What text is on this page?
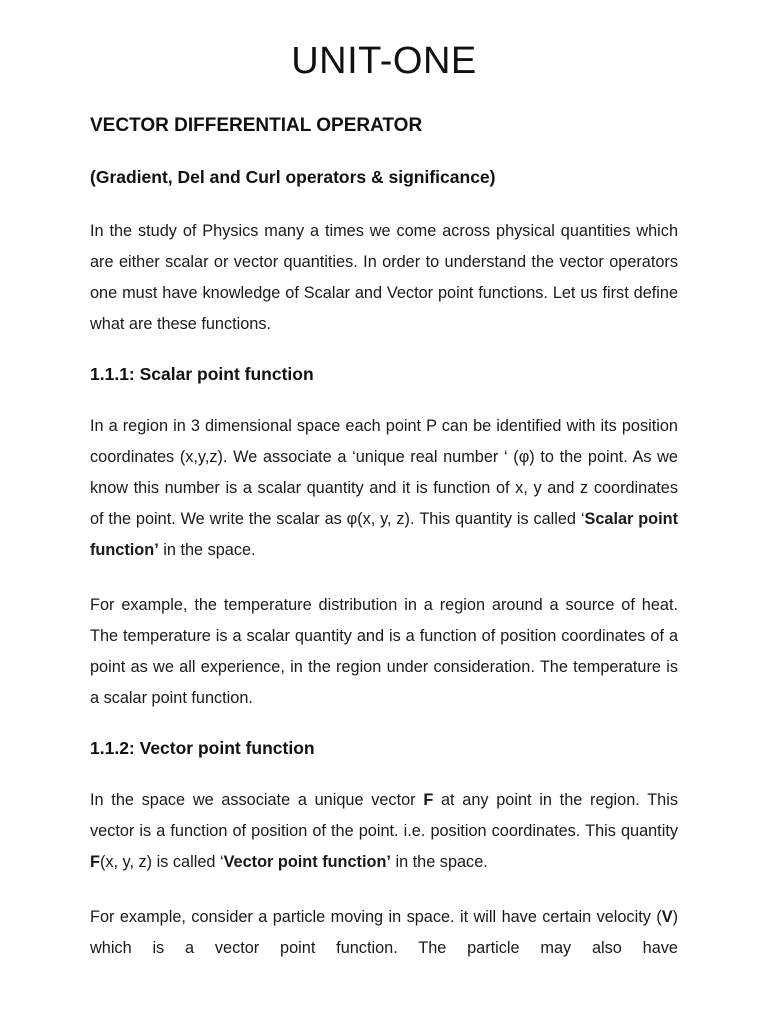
UNIT-ONE
VECTOR DIFFERENTIAL OPERATOR
(Gradient, Del and Curl operators & significance)

In the study of Physics many a times we come across physical quantities which are either scalar or vector quantities. In order to understand the vector operators one must have knowledge of Scalar and Vector point functions. Let us first define what are these functions.

1.1.1: Scalar point function

In a region in 3 dimensional space each point P can be identified with its position coordinates (x,y,z). We associate a ‘unique real number ‘ (φ) to the point. As we know this number is a scalar quantity and it is function of x, y and z coordinates of the point. We write the scalar as φ(x, y, z). This quantity is called ‘Scalar point function’ in the space.

For example, the temperature distribution in a region around a source of heat. The temperature is a scalar quantity and is a function of position coordinates of a point as we all experience, in the region under consideration. The temperature is a scalar point function.

1.1.2: Vector point function

In the space we associate a unique vector F at any point in the region. This vector is a function of position of the point. i.e. position coordinates. This quantity F(x, y, z) is called ‘Vector point function’ in the space.

For example, consider a particle moving in space. it will have certain velocity (V) which is a vector point function. The particle may also have
